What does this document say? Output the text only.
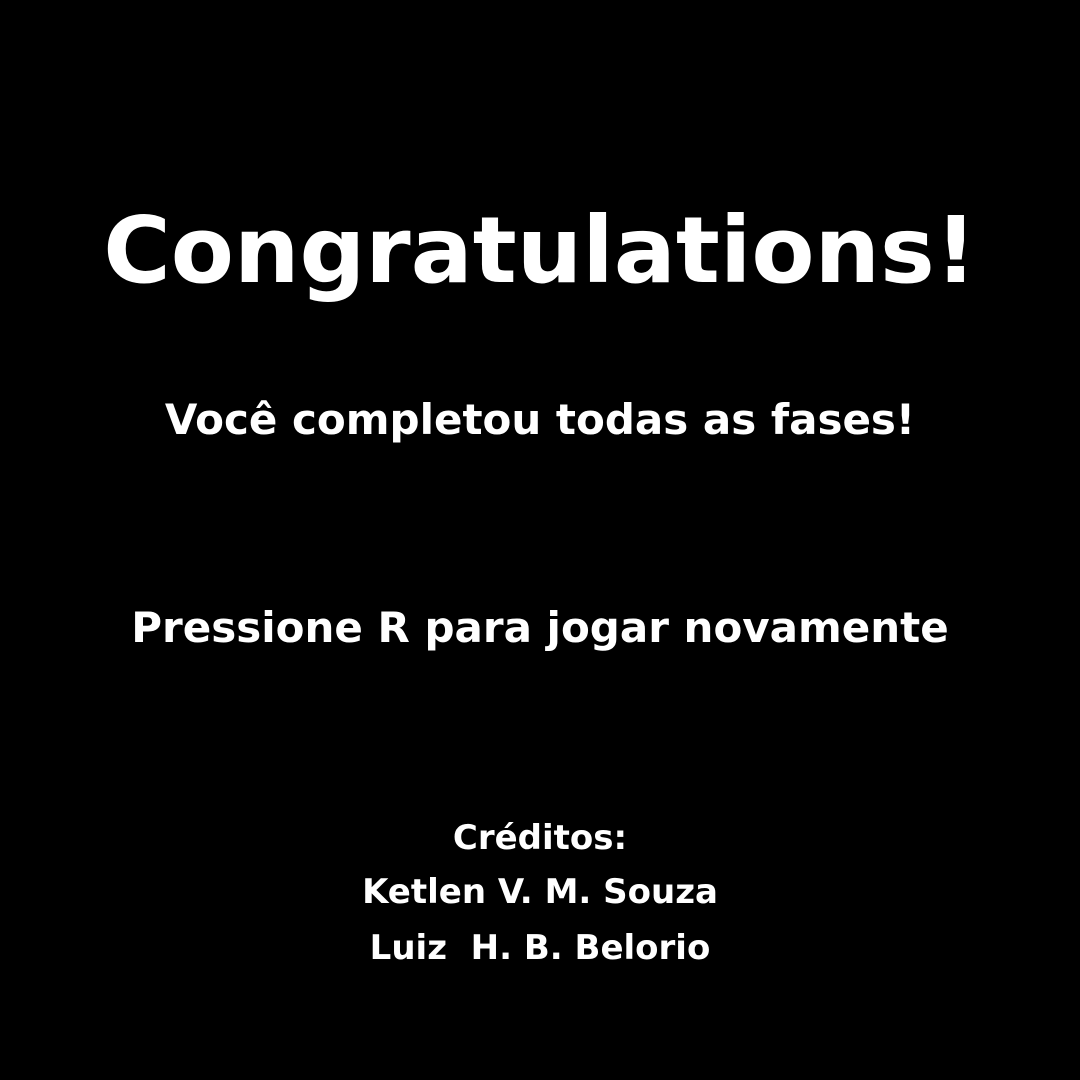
Congratulations!
Você completou todas as fases!
Pressione R para jogar novamente
Créditos:
Ketlen V. M. Souza
Luiz  H. B. Belorio
